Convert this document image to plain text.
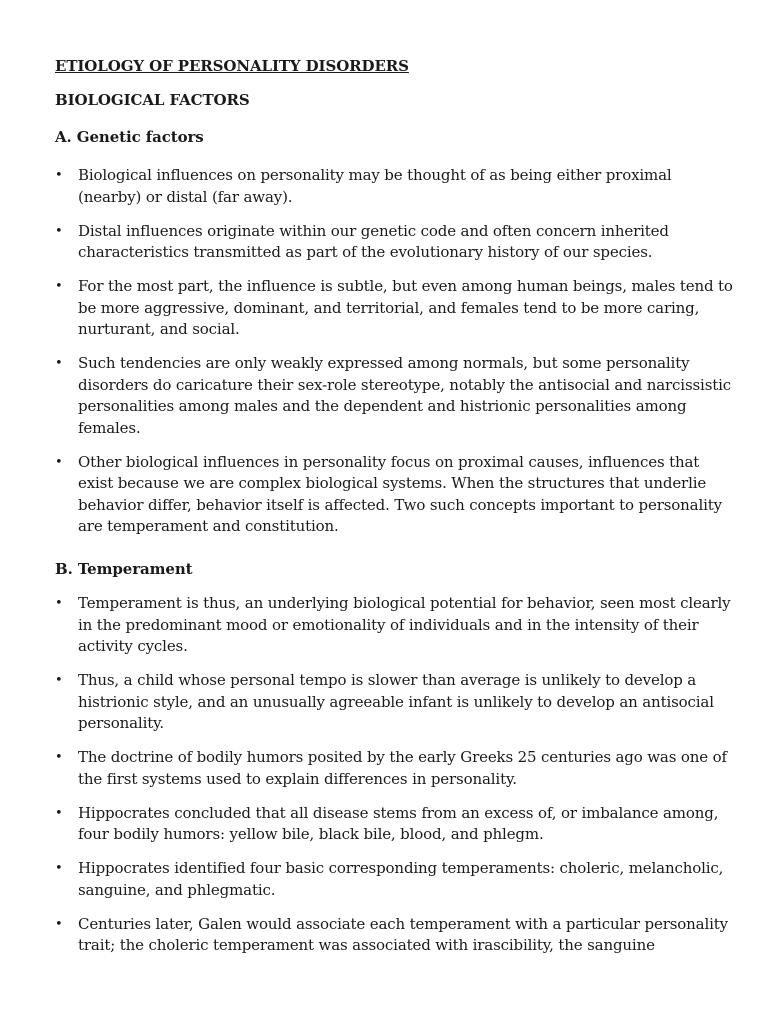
ETIOLOGY OF PERSONALITY DISORDERS
BIOLOGICAL FACTORS
A. Genetic factors
• Biological influences on personality may be thought of as being either proximal (nearby) or distal (far away).
• Distal influences originate within our genetic code and often concern inherited characteristics transmitted as part of the evolutionary history of our species.
• For the most part, the influence is subtle, but even among human beings, males tend to be more aggressive, dominant, and territorial, and females tend to be more caring, nurturant, and social.
• Such tendencies are only weakly expressed among normals, but some personality disorders do caricature their sex-role stereotype, notably the antisocial and narcissistic personalities among males and the dependent and histrionic personalities among females.
• Other biological influences in personality focus on proximal causes, influences that exist because we are complex biological systems. When the structures that underlie behavior differ, behavior itself is affected. Two such concepts important to personality are temperament and constitution.
B. Temperament
• Temperament is thus, an underlying biological potential for behavior, seen most clearly in the predominant mood or emotionality of individuals and in the intensity of their activity cycles.
• Thus, a child whose personal tempo is slower than average is unlikely to develop a histrionic style, and an unusually agreeable infant is unlikely to develop an antisocial personality.
• The doctrine of bodily humors posited by the early Greeks 25 centuries ago was one of the first systems used to explain differences in personality.
• Hippocrates concluded that all disease stems from an excess of, or imbalance among, four bodily humors: yellow bile, black bile, blood, and phlegm.
• Hippocrates identified four basic corresponding temperaments: choleric, melancholic, sanguine, and phlegmatic.
• Centuries later, Galen would associate each temperament with a particular personality trait; the choleric temperament was associated with irascibility, the sanguine
